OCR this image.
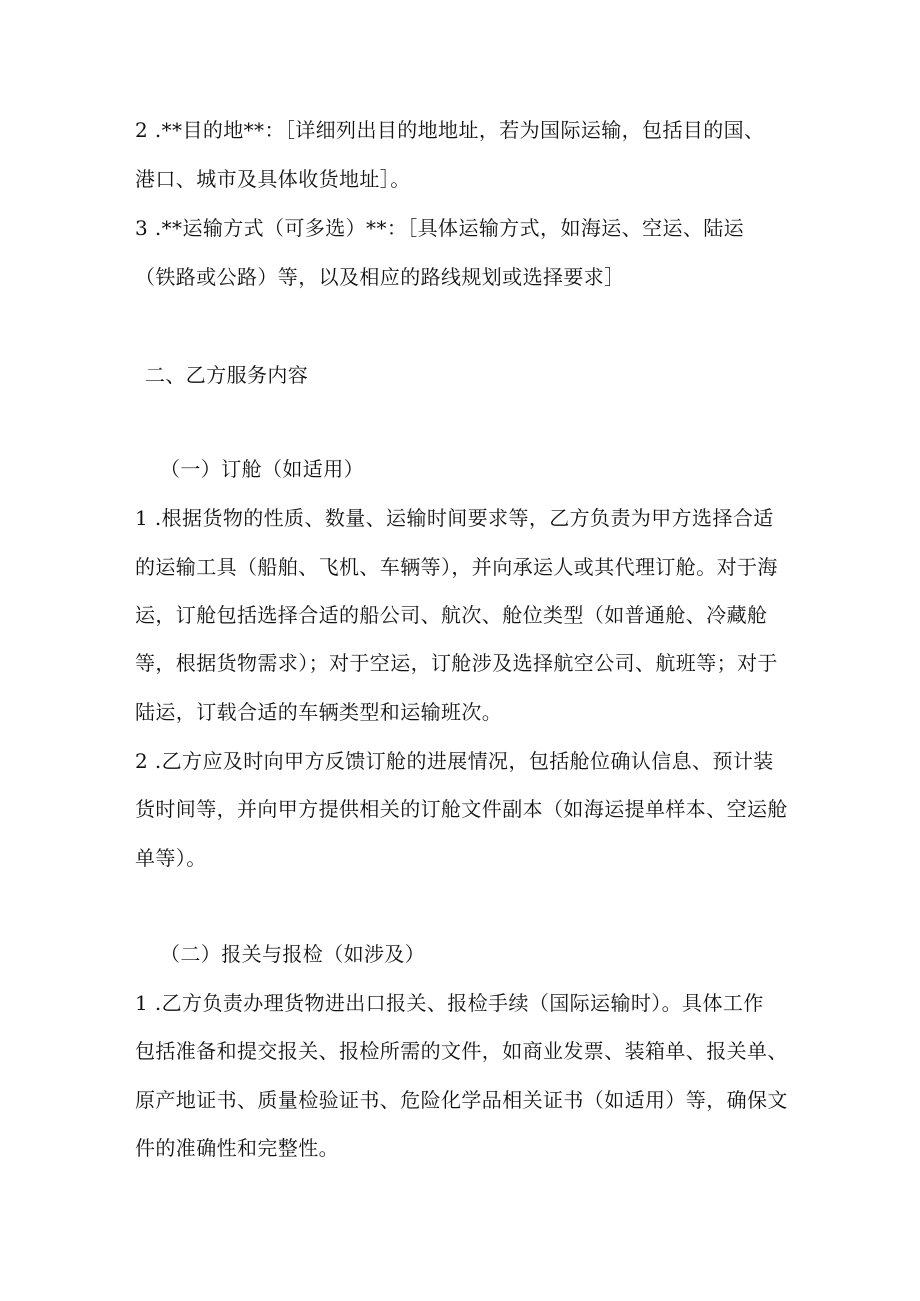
2 .**目的地**：［详细列出目的地地址，若为国际运输，包括目的国、
港口、城市及具体收货地址］。
3 .**运输方式（可多选）**：［具体运输方式，如海运、空运、陆运
（铁路或公路）等，以及相应的路线规划或选择要求］
二、乙方服务内容
（一）订舱（如适用）
1 .根据货物的性质、数量、运输时间要求等，乙方负责为甲方选择合适
的运输工具（船舶、飞机、车辆等），并向承运人或其代理订舱。对于海
运，订舱包括选择合适的船公司、航次、舱位类型（如普通舱、冷藏舱
等，根据货物需求）；对于空运，订舱涉及选择航空公司、航班等；对于
陆运，订载合适的车辆类型和运输班次。
2 .乙方应及时向甲方反馈订舱的进展情况，包括舱位确认信息、预计装
货时间等，并向甲方提供相关的订舱文件副本（如海运提单样本、空运舱
单等）。
（二）报关与报检（如涉及）
1 .乙方负责办理货物进出口报关、报检手续（国际运输时）。具体工作
包括准备和提交报关、报检所需的文件，如商业发票、装箱单、报关单、
原产地证书、质量检验证书、危险化学品相关证书（如适用）等，确保文
件的准确性和完整性。
